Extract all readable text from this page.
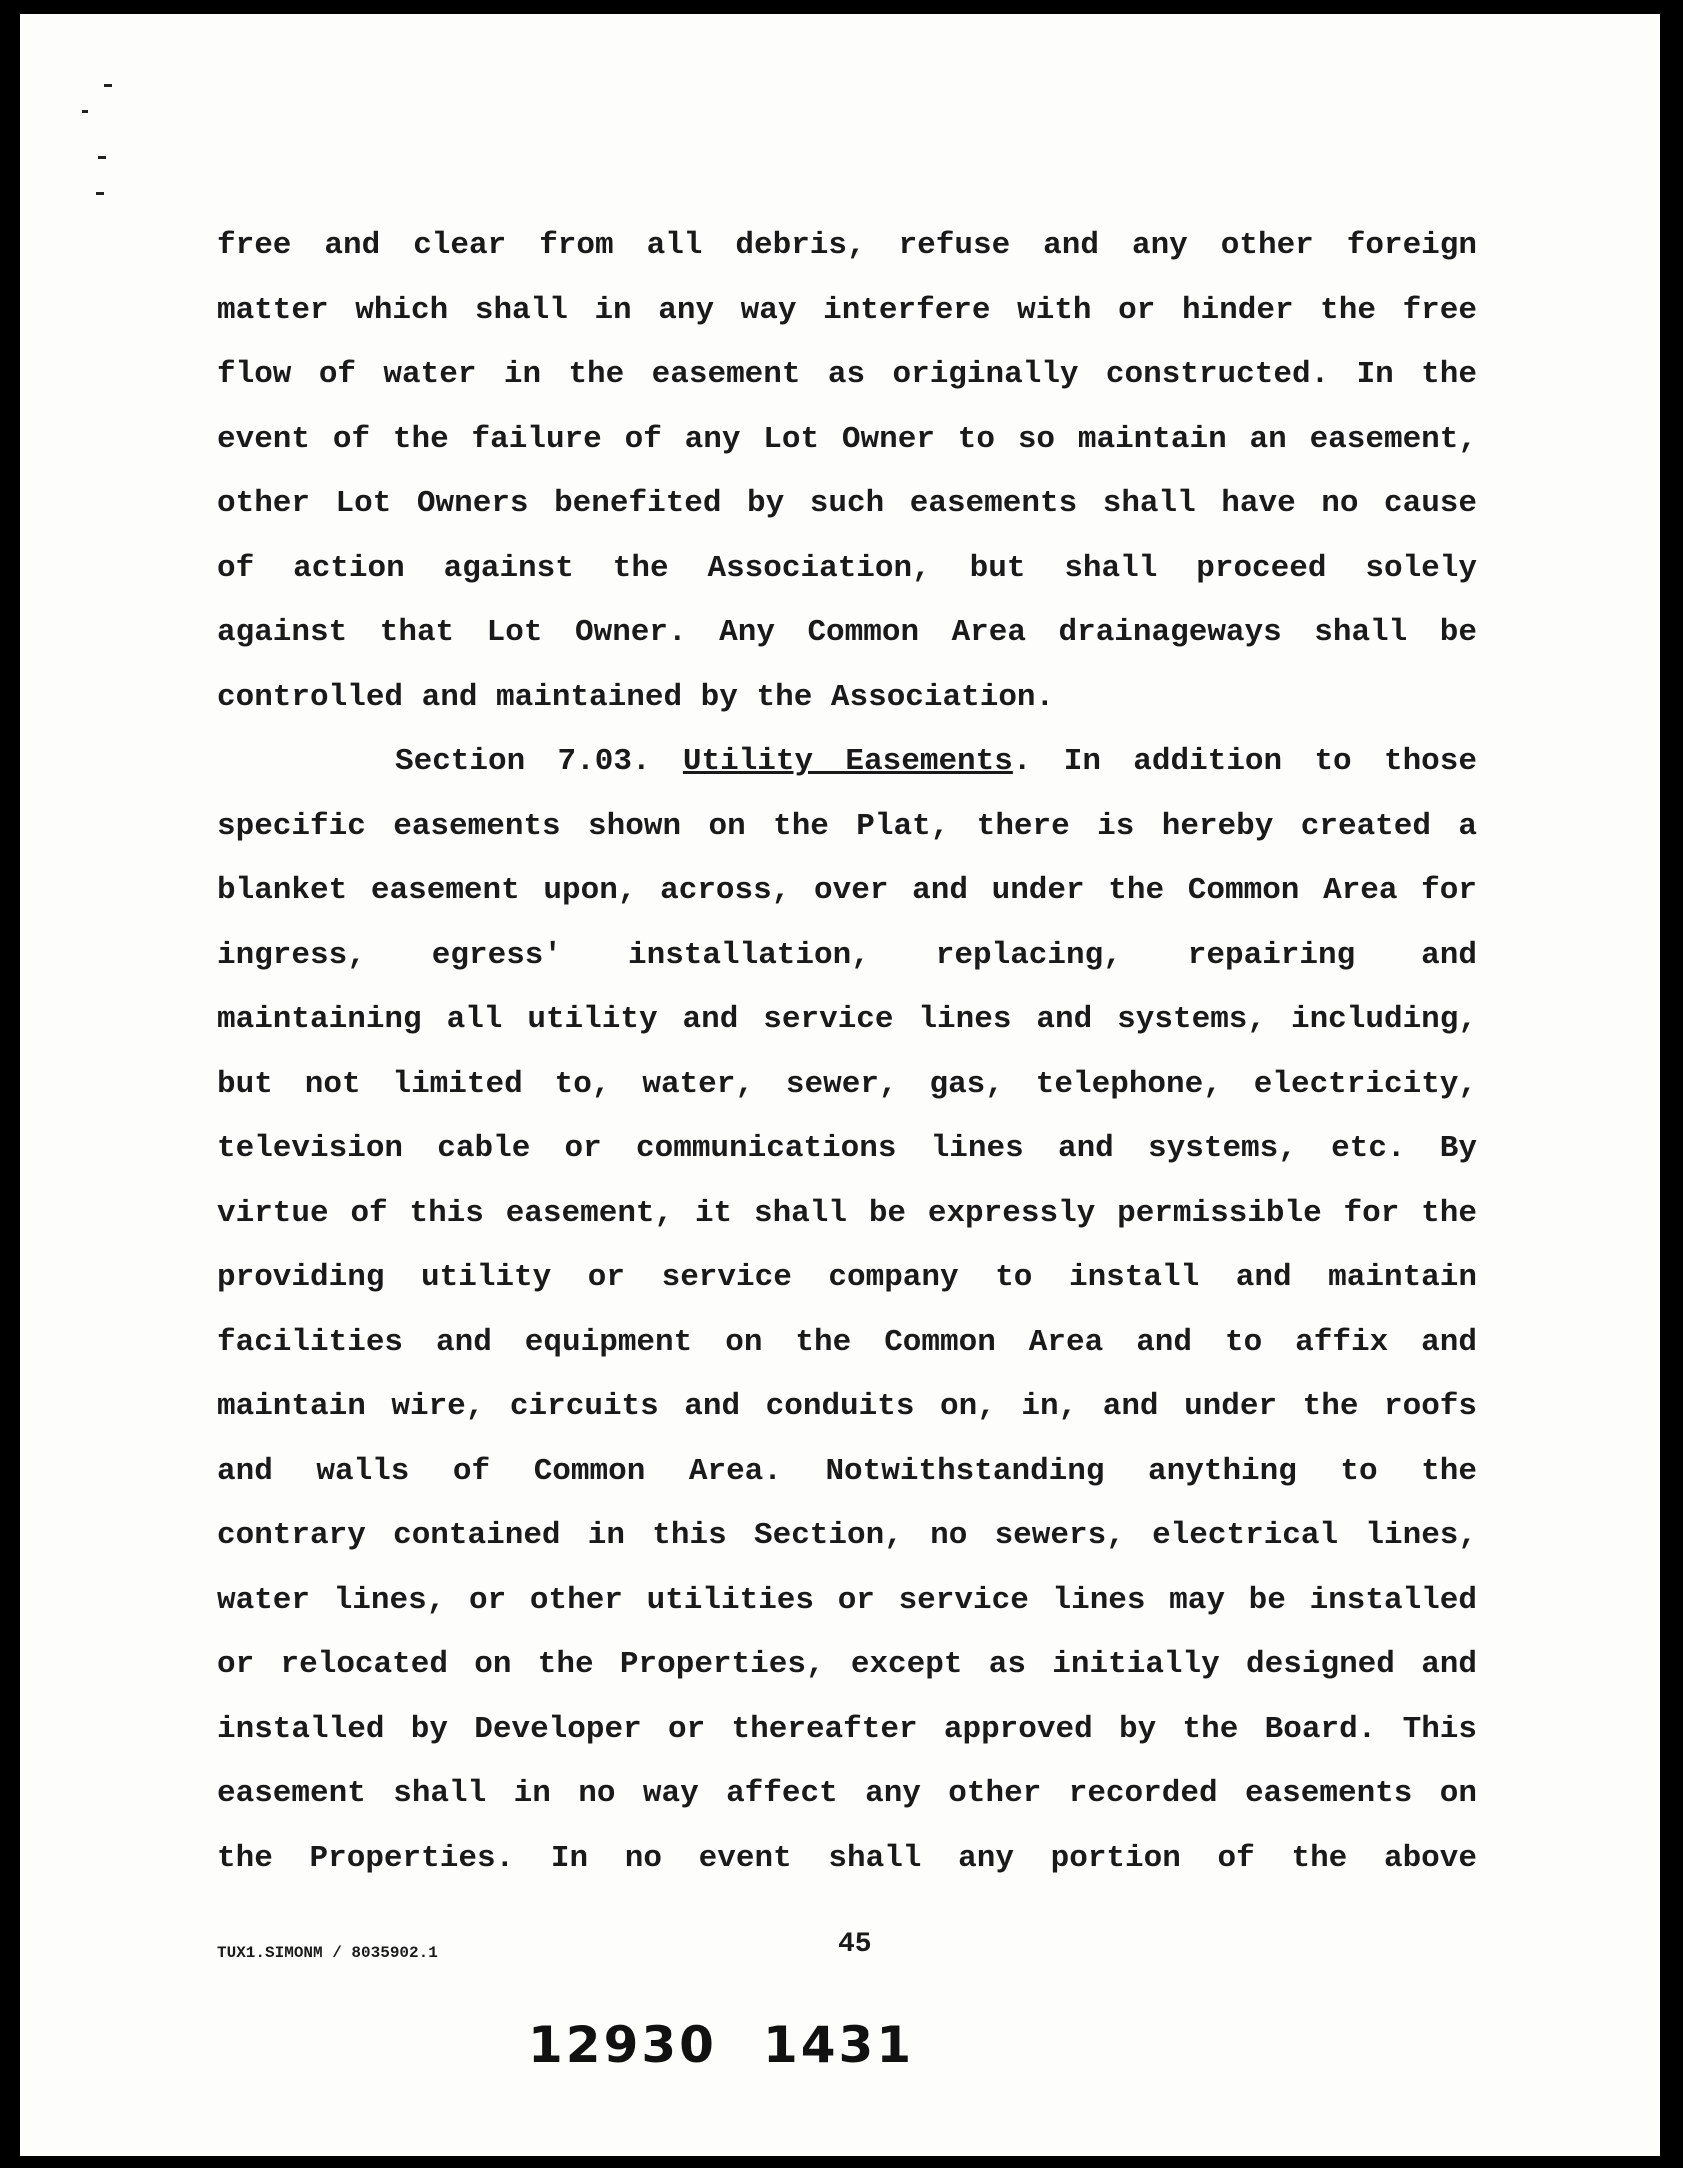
free and clear from all debris, refuse and any other foreign
matter which shall in any way interfere with or hinder the free
flow of water in the easement as originally constructed. In the
event of the failure of any Lot Owner to so maintain an easement,
other Lot Owners benefited by such easements shall have no cause
of action against the Association, but shall proceed solely
against that Lot Owner. Any Common Area drainageways shall be
controlled and maintained by the Association.
Section 7.03. Utility Easements. In addition to those
specific easements shown on the Plat, there is hereby created a
blanket easement upon, across, over and under the Common Area for
ingress, egress' installation, replacing, repairing and
maintaining all utility and service lines and systems, including,
but not limited to, water, sewer, gas, telephone, electricity,
television cable or communications lines and systems, etc. By
virtue of this easement, it shall be expressly permissible for the
providing utility or service company to install and maintain
facilities and equipment on the Common Area and to affix and
maintain wire, circuits and conduits on, in, and under the roofs
and walls of Common Area. Notwithstanding anything to the
contrary contained in this Section, no sewers, electrical lines,
water lines, or other utilities or service lines may be installed
or relocated on the Properties, except as initially designed and
installed by Developer or thereafter approved by the Board. This
easement shall in no way affect any other recorded easements on
the Properties. In no event shall any portion of the above
TUX1.SIMONM / 8035902.1	45
12930 1431
